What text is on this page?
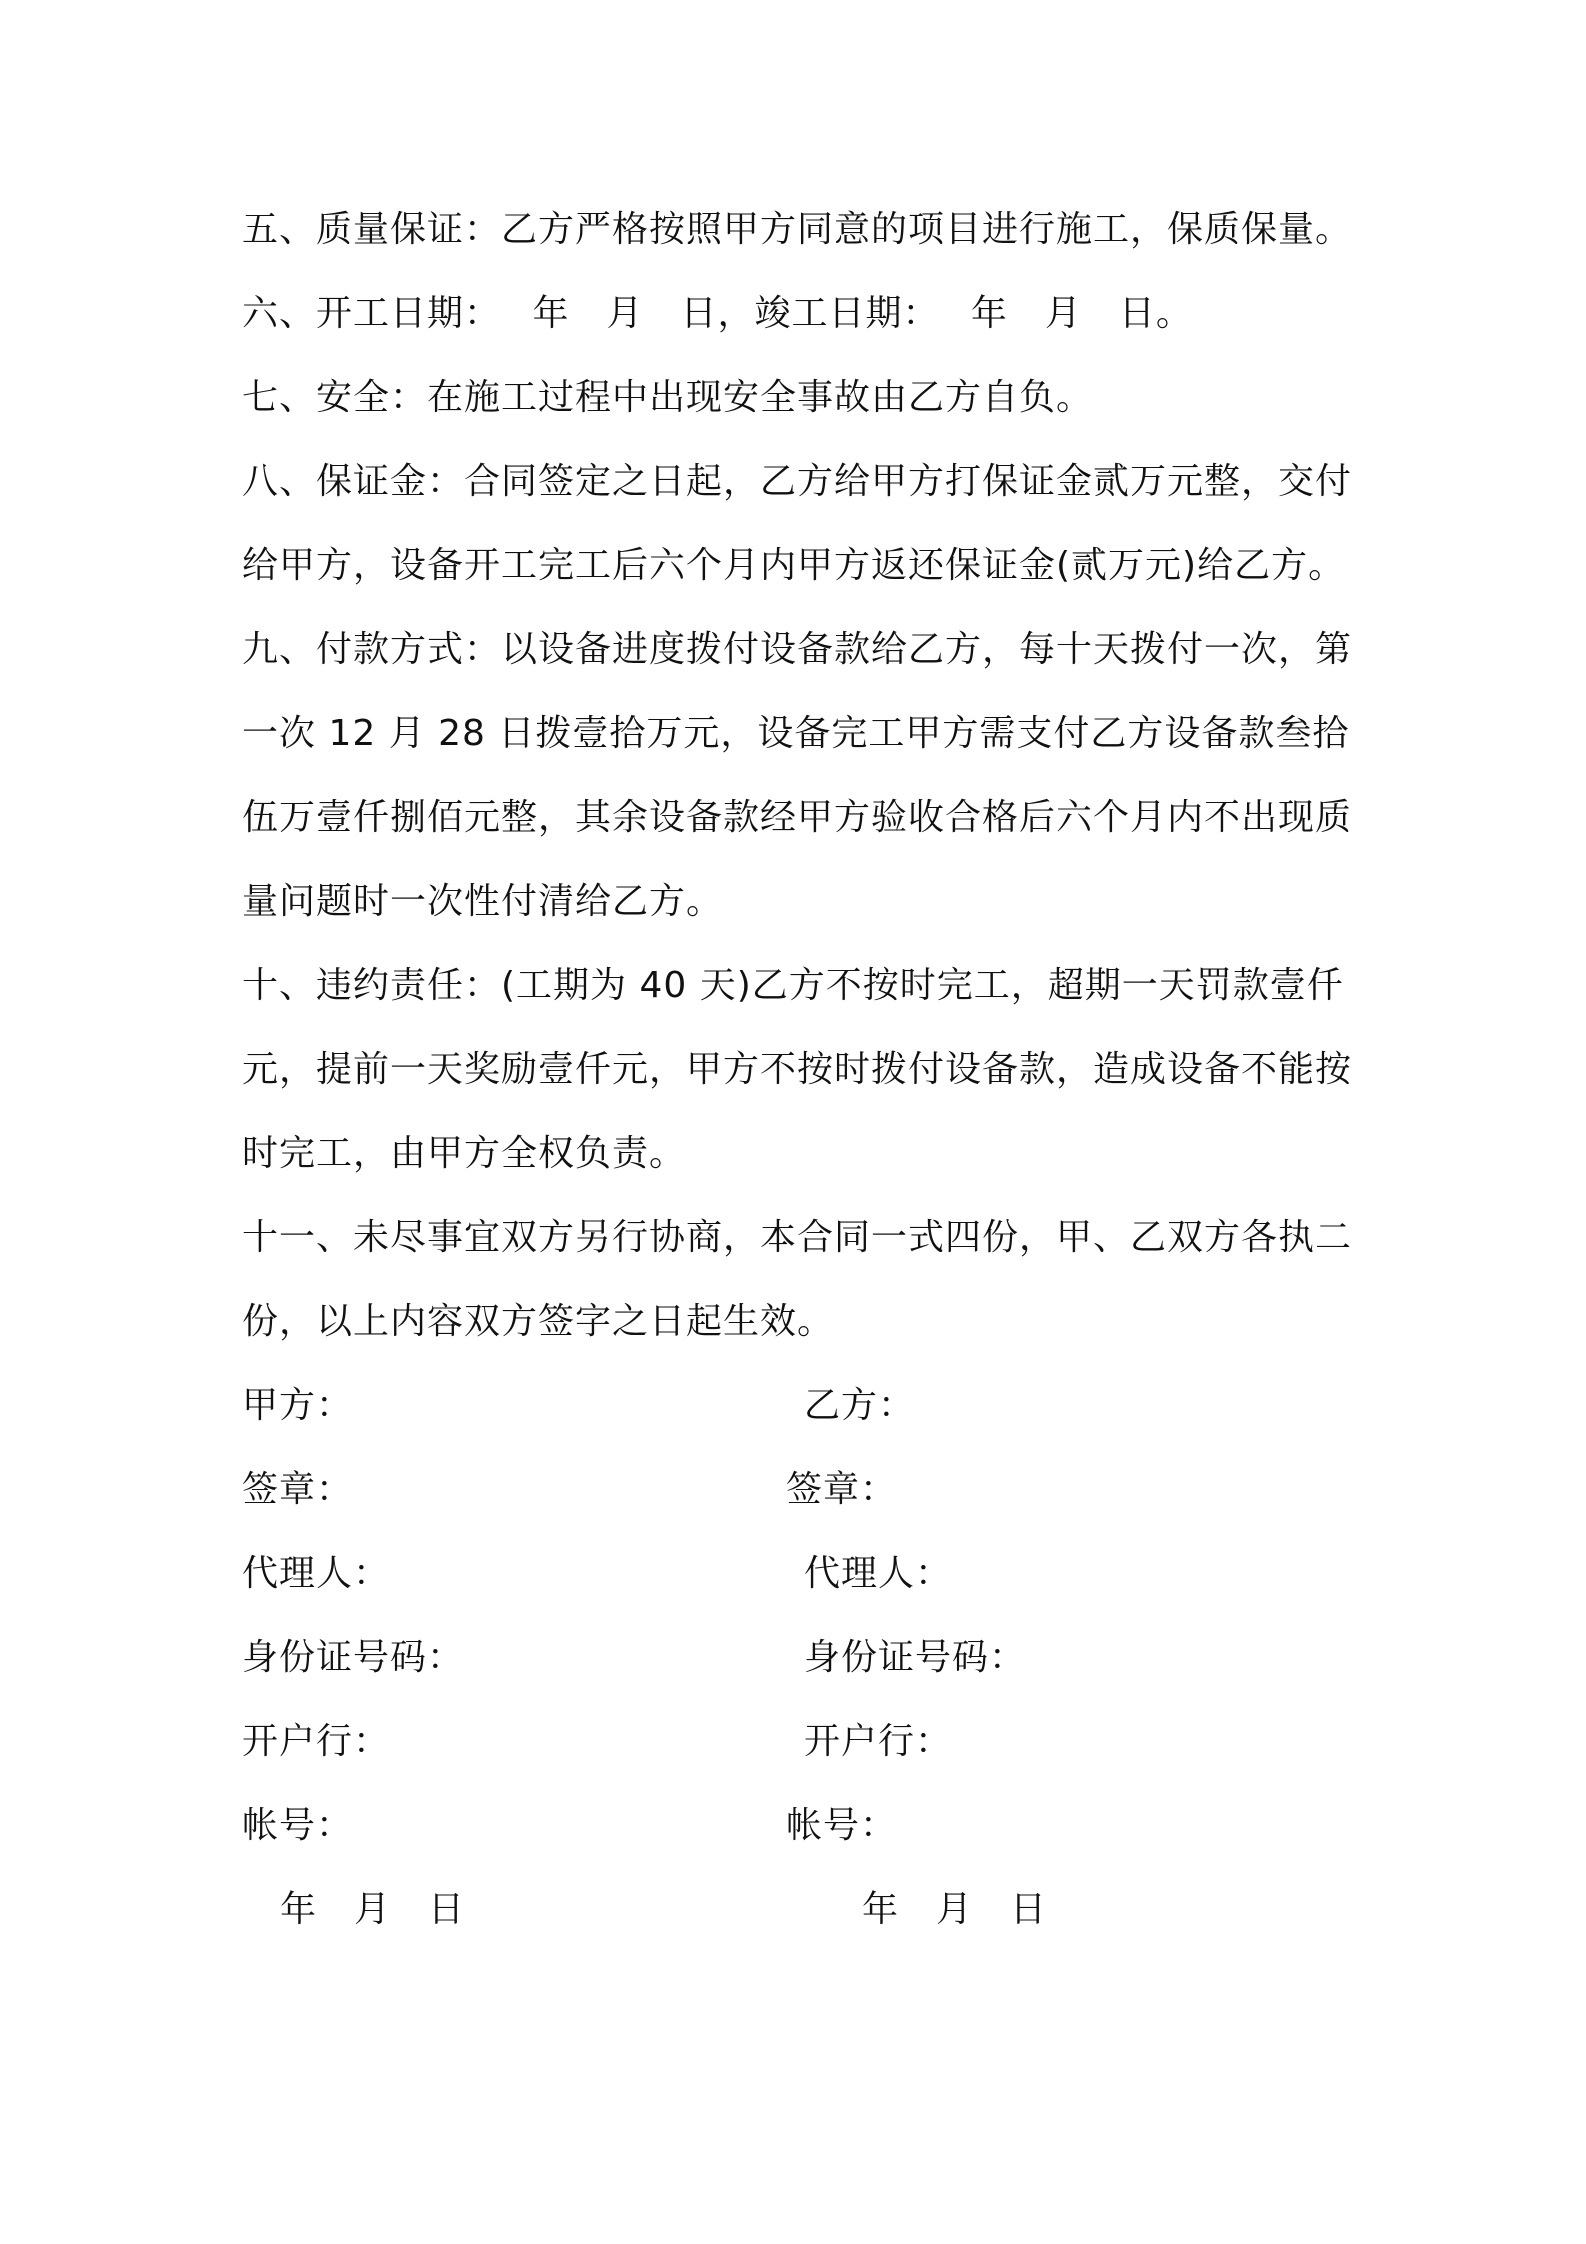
五、质量保证：乙方严格按照甲方同意的项目进行施工，保质保量。
六、开工日期：　 年　月　日，竣工日期：　 年　月　日。
七、安全：在施工过程中出现安全事故由乙方自负。
八、保证金：合同签定之日起，乙方给甲方打保证金贰万元整，交付
给甲方，设备开工完工后六个月内甲方返还保证金(贰万元)给乙方。
九、付款方式：以设备进度拨付设备款给乙方，每十天拨付一次，第
一次 12 月 28 日拨壹拾万元，设备完工甲方需支付乙方设备款叁拾
伍万壹仟捌佰元整，其余设备款经甲方验收合格后六个月内不出现质
量问题时一次性付清给乙方。
十、违约责任：(工期为 40 天)乙方不按时完工，超期一天罚款壹仟
元，提前一天奖励壹仟元，甲方不按时拨付设备款，造成设备不能按
时完工，由甲方全权负责。
十一、未尽事宜双方另行协商，本合同一式四份，甲、乙双方各执二
份，以上内容双方签字之日起生效。
甲方：
签章：
代理人：
身份证号码：
开户行：
帐号：
年　月　日
乙方：
签章：
代理人：
身份证号码：
开户行：
帐号：
年　月　日
